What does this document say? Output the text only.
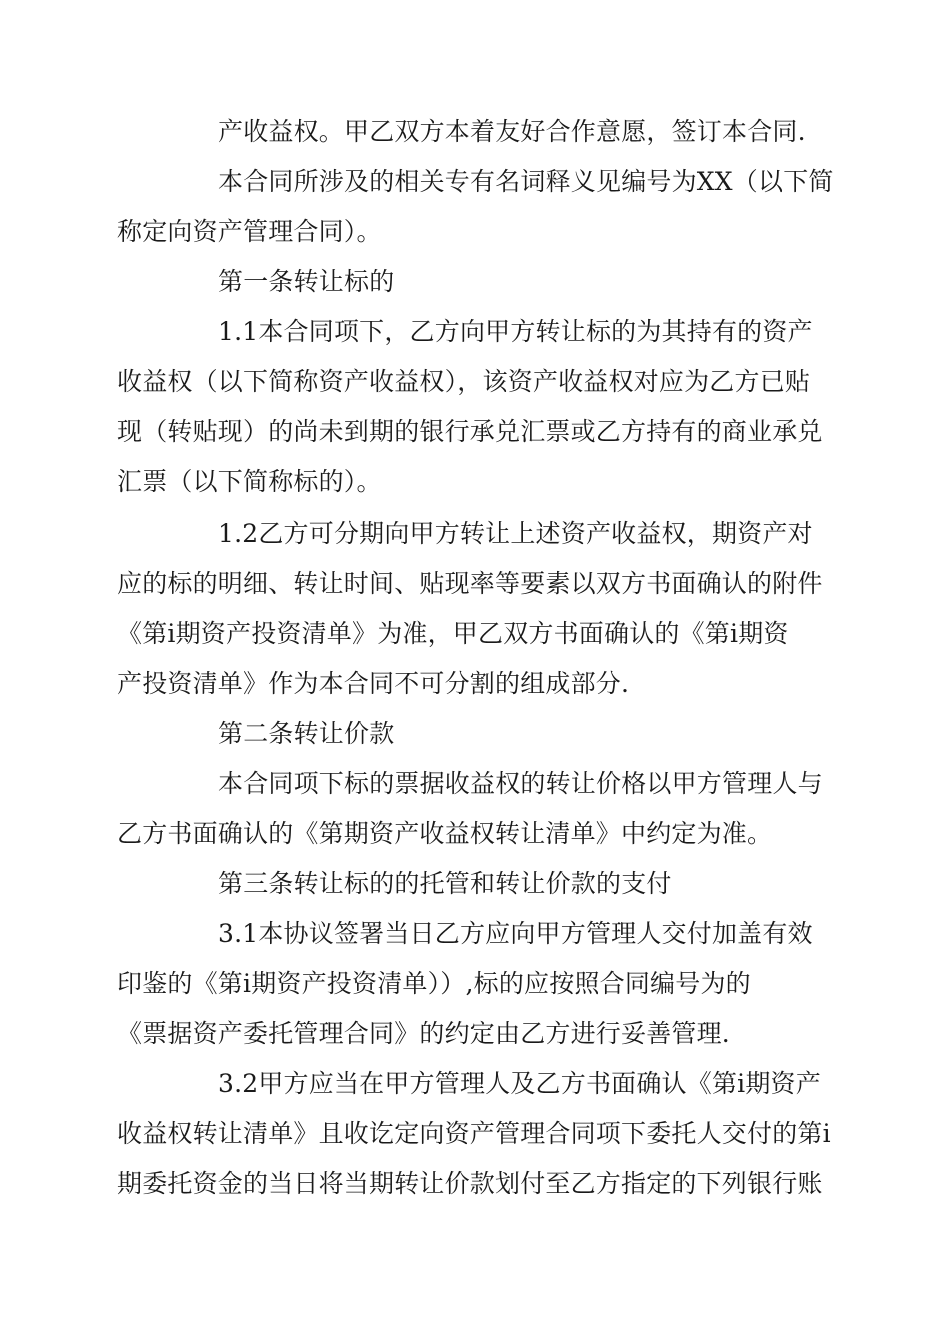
产收益权。甲乙双方本着友好合作意愿，签订本合同.
本合同所涉及的相关专有名词释义见编号为XX（以下简
称定向资产管理合同）。
第一条转让标的
1.1本合同项下，乙方向甲方转让标的为其持有的资产
收益权（以下简称资产收益权），该资产收益权对应为乙方已贴
现（转贴现）的尚未到期的银行承兑汇票或乙方持有的商业承兑
汇票（以下简称标的）。
1.2乙方可分期向甲方转让上述资产收益权，期资产对
应的标的明细、转让时间、贴现率等要素以双方书面确认的附件
《第i期资产投资清单》为准，甲乙双方书面确认的《第i期资
产投资清单》作为本合同不可分割的组成部分.
第二条转让价款
本合同项下标的票据收益权的转让价格以甲方管理人与
乙方书面确认的《第期资产收益权转让清单》中约定为准。
第三条转让标的的托管和转让价款的支付
3.1本协议签署当日乙方应向甲方管理人交付加盖有效
印鉴的《第i期资产投资清单））,标的应按照合同编号为的
《票据资产委托管理合同》的约定由乙方进行妥善管理.
3.2甲方应当在甲方管理人及乙方书面确认《第i期资产
收益权转让清单》且收讫定向资产管理合同项下委托人交付的第i
期委托资金的当日将当期转让价款划付至乙方指定的下列银行账
